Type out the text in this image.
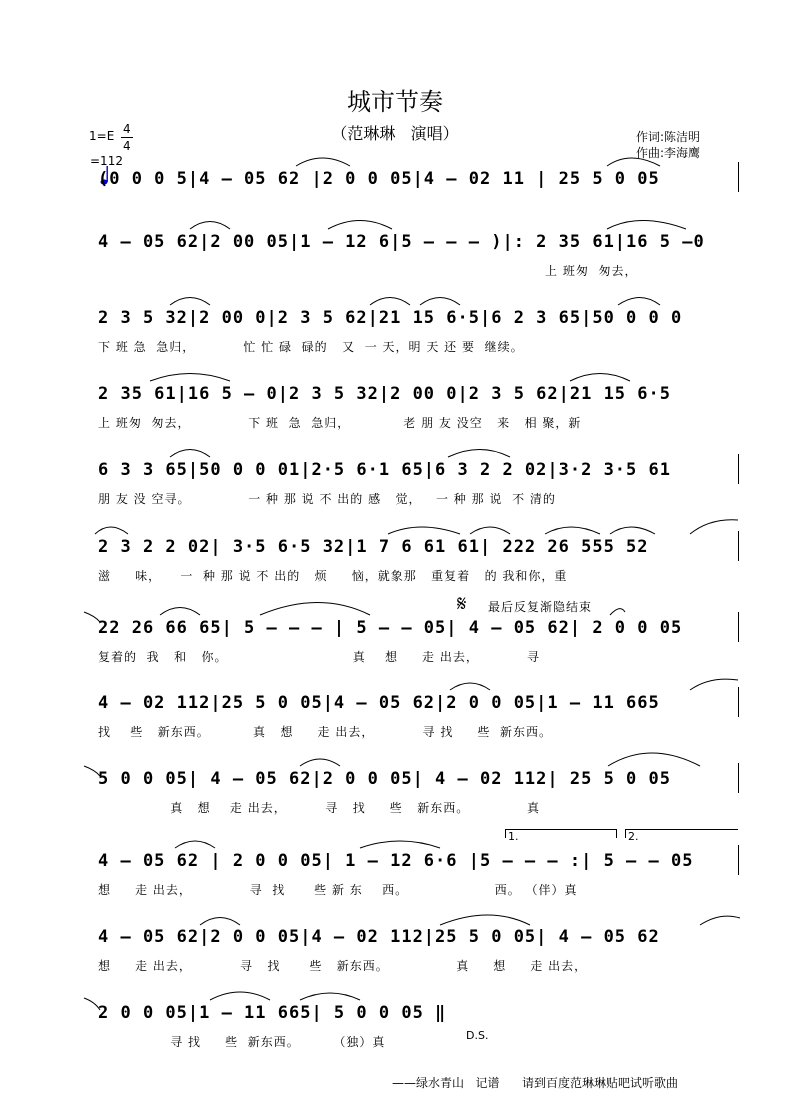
城市节奏
（范琳琳   演唱）	作词:陈洁明
作曲:李海鹰
1=E 4
4

=112
(0 0 0 5|4 – 05 62 |2 0 0 05|4 – 02 11 | 25 5 0 05
4 – 05 62|2 00 05|1 – 12 6|5 – – – )|: 2 35 61|16 5 –0
上 班匆  匆去，
2 3 5 32|2 00 0|2 3 5 62|21 15 6·5|6 2 3 65|50 0 0 0
下 班 急  急归，          忙 忙 碌  碌的   又  一 天，明 天 还 要  继续。
2 35 61|16 5 – 0|2 3 5 32|2 00 0|2 3 5 62|21 15 6·5
上 班匆  匆去，            下 班  急  急归，           老 朋 友 没空   来   相 聚，新
6 3 3 65|50 0 0 01|2·5 6·1 65|6 3 2 2 02|3·2 3·5 61
朋 友 没 空寻。            一 种 那 说 不 出的 感   觉，   一 种 那 说  不 清的
2 3 2 2 02| 3·5 6·5 32|1 7 6 61 61| 222 26 555 52
滋     味，    一  种 那 说 不 出的   烦     恼，就象那   重复着   的 我和你，重
𝄋 最后反复渐隐结束
22 26 66 65| 5 – – – | 5 – – 05| 4 – 05 62| 2 0 0 05
复着的  我   和   你。                          真    想     走 出去，          寻
4 – 02 112|25 5 0 05|4 – 05 62|2 0 0 05|1 – 11 665
找    些   新东西。         真   想     走 出去，          寻 找     些  新东西。
5 0 0 05| 4 – 05 62|2 0 0 05| 4 – 02 112| 25 5 0 05
真   想    走 出去，        寻   找     些   新东西。            真
1.	2.
4 – 05 62 | 2 0 0 05| 1 – 12 6·6 |5 – – – :| 5 – – 05
想     走 出去，            寻  找      些 新 东    西。                  西。 （伴）真
4 – 05 62|2 0 0 05|4 – 02 112|25 5 0 05| 4 – 05 62
想     走 出去，          寻   找      些   新东西。              真     想     走 出去，
2 0 0 05|1 – 11 665| 5 0 0 05 ‖
寻 找     些  新东西。       （独）真	D.S.
——绿水青山   记谱 请到百度范琳琳贴吧试听歌曲
